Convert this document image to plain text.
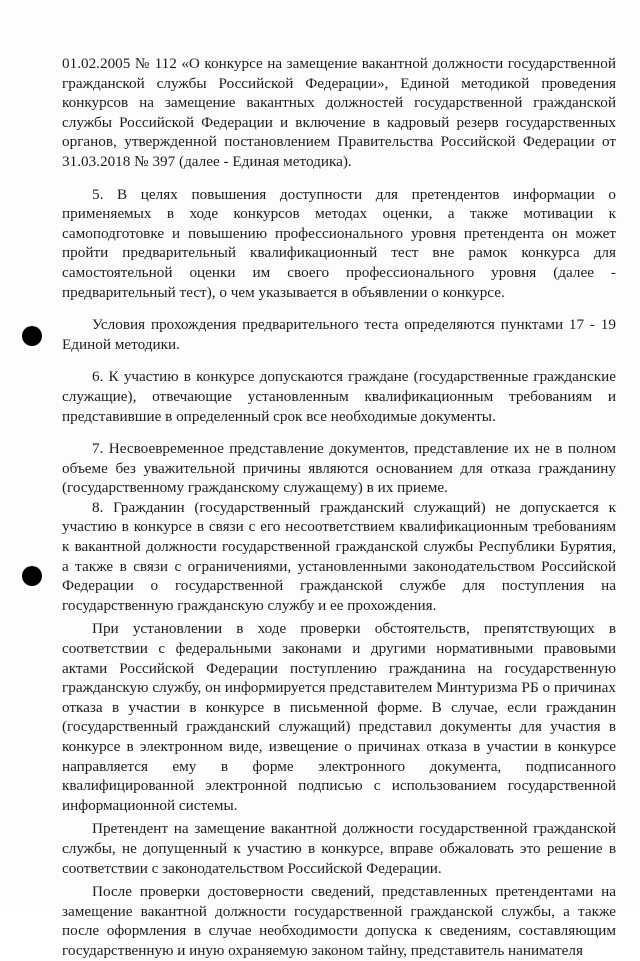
01.02.2005 № 112 «О конкурсе на замещение вакантной должности государственной гражданской службы Российской Федерации», Единой методикой проведения конкурсов на замещение вакантных должностей государственной гражданской службы Российской Федерации и включение в кадровый резерв государственных органов, утвержденной постановлением Правительства Российской Федерации от 31.03.2018 № 397 (далее - Единая методика).

5. В целях повышения доступности для претендентов информации о применяемых в ходе конкурсов методах оценки, а также мотивации к самоподготовке и повышению профессионального уровня претендента он может пройти предварительный квалификационный тест вне рамок конкурса для самостоятельной оценки им своего профессионального уровня (далее - предварительный тест), о чем указывается в объявлении о конкурсе.

Условия прохождения предварительного теста определяются пунктами 17 - 19 Единой методики.

6. К участию в конкурсе допускаются граждане (государственные гражданские служащие), отвечающие установленным квалификационным требованиям и представившие в определенный срок все необходимые документы.

7. Несвоевременное представление документов, представление их не в полном объеме без уважительной причины являются основанием для отказа гражданину (государственному гражданскому служащему) в их приеме.

8. Гражданин (государственный гражданский служащий) не допускается к участию в конкурсе в связи с его несоответствием квалификационным требованиям к вакантной должности государственной гражданской службы Республики Бурятия, а также в связи с ограничениями, установленными законодательством Российской Федерации о государственной гражданской службе для поступления на государственную гражданскую службу и ее прохождения.

При установлении в ходе проверки обстоятельств, препятствующих в соответствии с федеральными законами и другими нормативными правовыми актами Российской Федерации поступлению гражданина на государственную гражданскую службу, он информируется представителем Минтуризма РБ о причинах отказа в участии в конкурсе в письменной форме. В случае, если гражданин (государственный гражданский служащий) представил документы для участия в конкурсе в электронном виде, извещение о причинах отказа в участии в конкурсе направляется ему в форме электронного документа, подписанного квалифицированной электронной подписью с использованием государственной информационной системы.

Претендент на замещение вакантной должности государственной гражданской службы, не допущенный к участию в конкурсе, вправе обжаловать это решение в соответствии с законодательством Российской Федерации.

После проверки достоверности сведений, представленных претендентами на замещение вакантной должности государственной гражданской службы, а также после оформления в случае необходимости допуска к сведениям, составляющим государственную и иную охраняемую законом тайну, представитель нанимателя
